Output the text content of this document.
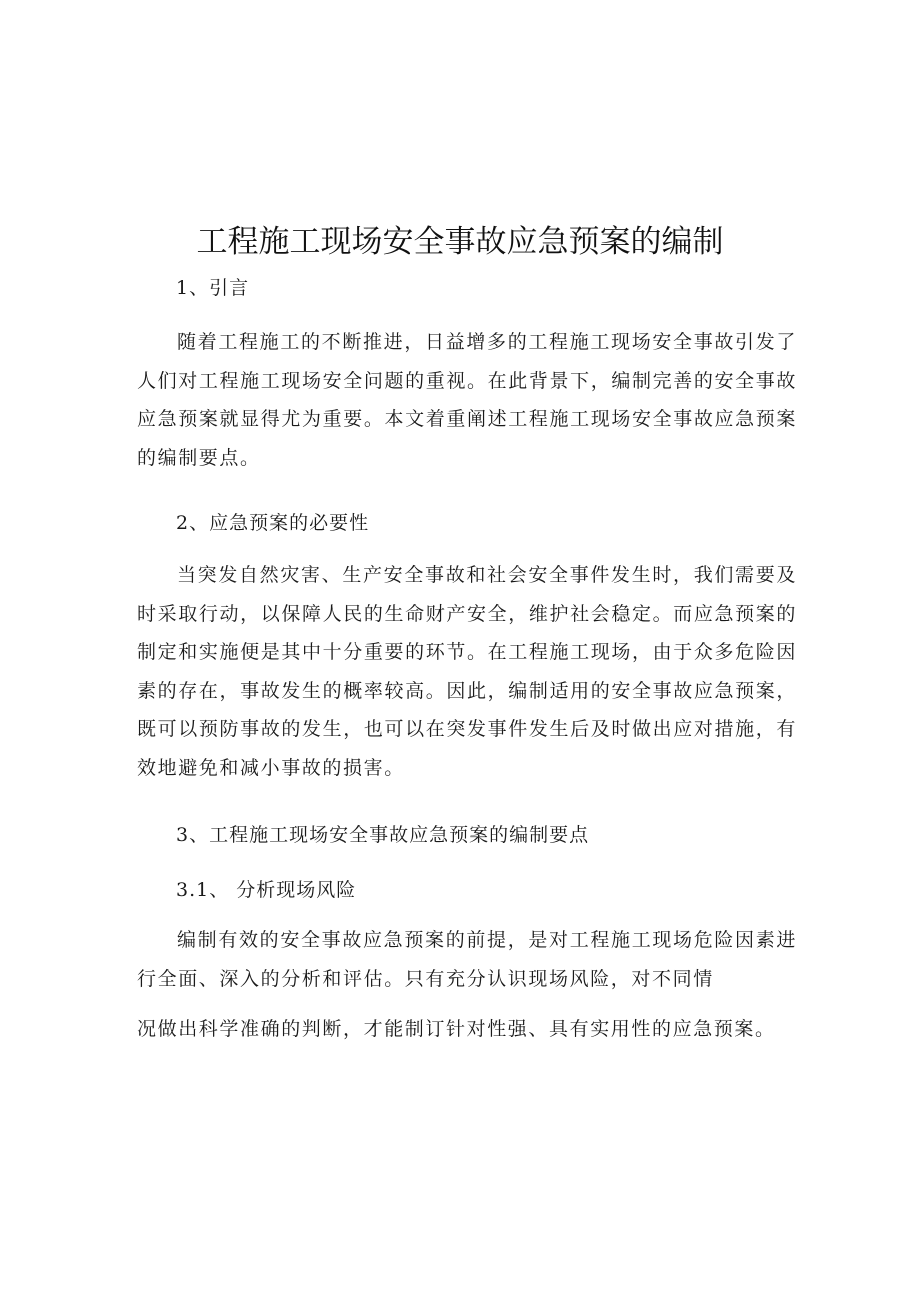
工程施工现场安全事故应急预案的编制

1、引言

随着工程施工的不断推进，日益增多的工程施工现场安全事故引发了人们对工程施工现场安全问题的重视。在此背景下，编制完善的安全事故应急预案就显得尤为重要。本文着重阐述工程施工现场安全事故应急预案的编制要点。

2、应急预案的必要性

当突发自然灾害、生产安全事故和社会安全事件发生时，我们需要及时采取行动，以保障人民的生命财产安全，维护社会稳定。而应急预案的制定和实施便是其中十分重要的环节。在工程施工现场，由于众多危险因素的存在，事故发生的概率较高。因此，编制适用的安全事故应急预案，既可以预防事故的发生，也可以在突发事件发生后及时做出应对措施，有效地避免和减小事故的损害。

3、工程施工现场安全事故应急预案的编制要点

3.1、 分析现场风险

编制有效的安全事故应急预案的前提，是对工程施工现场危险因素进行全面、深入的分析和评估。只有充分认识现场风险，对不同情

况做出科学准确的判断，才能制订针对性强、具有实用性的应急预案。
